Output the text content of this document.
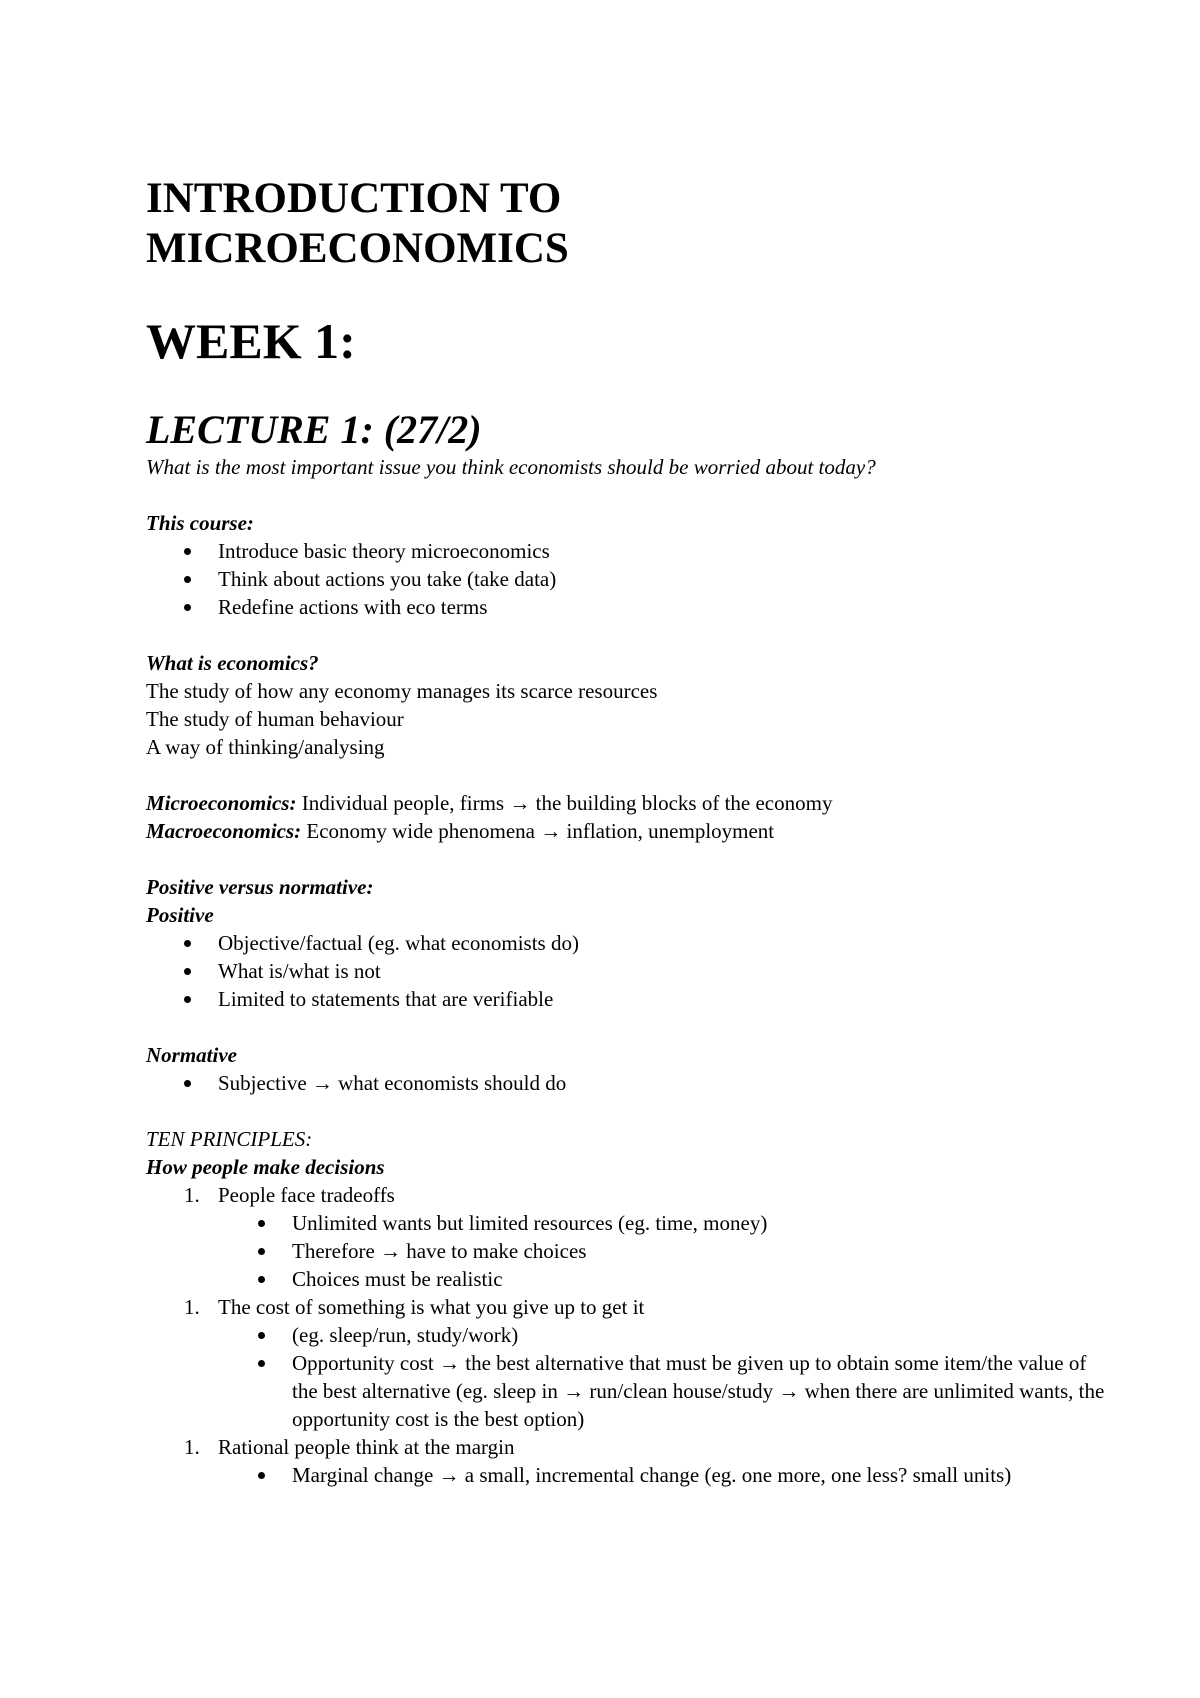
INTRODUCTION TO
MICROECONOMICS
WEEK 1:
LECTURE 1: (27/2)

What is the most important issue you think economists should be worried about today?

This course:

Introduce basic theory microeconomics
Think about actions you take (take data)
Redefine actions with eco terms

What is economics?

The study of how any economy manages its scarce resources

The study of human behaviour

A way of thinking/analysing

Microeconomics: Individual people, firms → the building blocks of the economy

Macroeconomics: Economy wide phenomena → inflation, unemployment

Positive versus normative:

Positive

Objective/factual (eg. what economists do)
What is/what is not
Limited to statements that are verifiable

Normative

Subjective → what economists should do

TEN PRINCIPLES:

How people make decisions

1. People face tradeoffs
Unlimited wants but limited resources (eg. time, money)
Therefore → have to make choices
Choices must be realistic
1. The cost of something is what you give up to get it
(eg. sleep/run, study/work)
Opportunity cost → the best alternative that must be given up to obtain some item/the value of the best alternative (eg. sleep in → run/clean house/study → when there are unlimited wants, the opportunity cost is the best option)
1. Rational people think at the margin
Marginal change → a small, incremental change (eg. one more, one less? small units)
